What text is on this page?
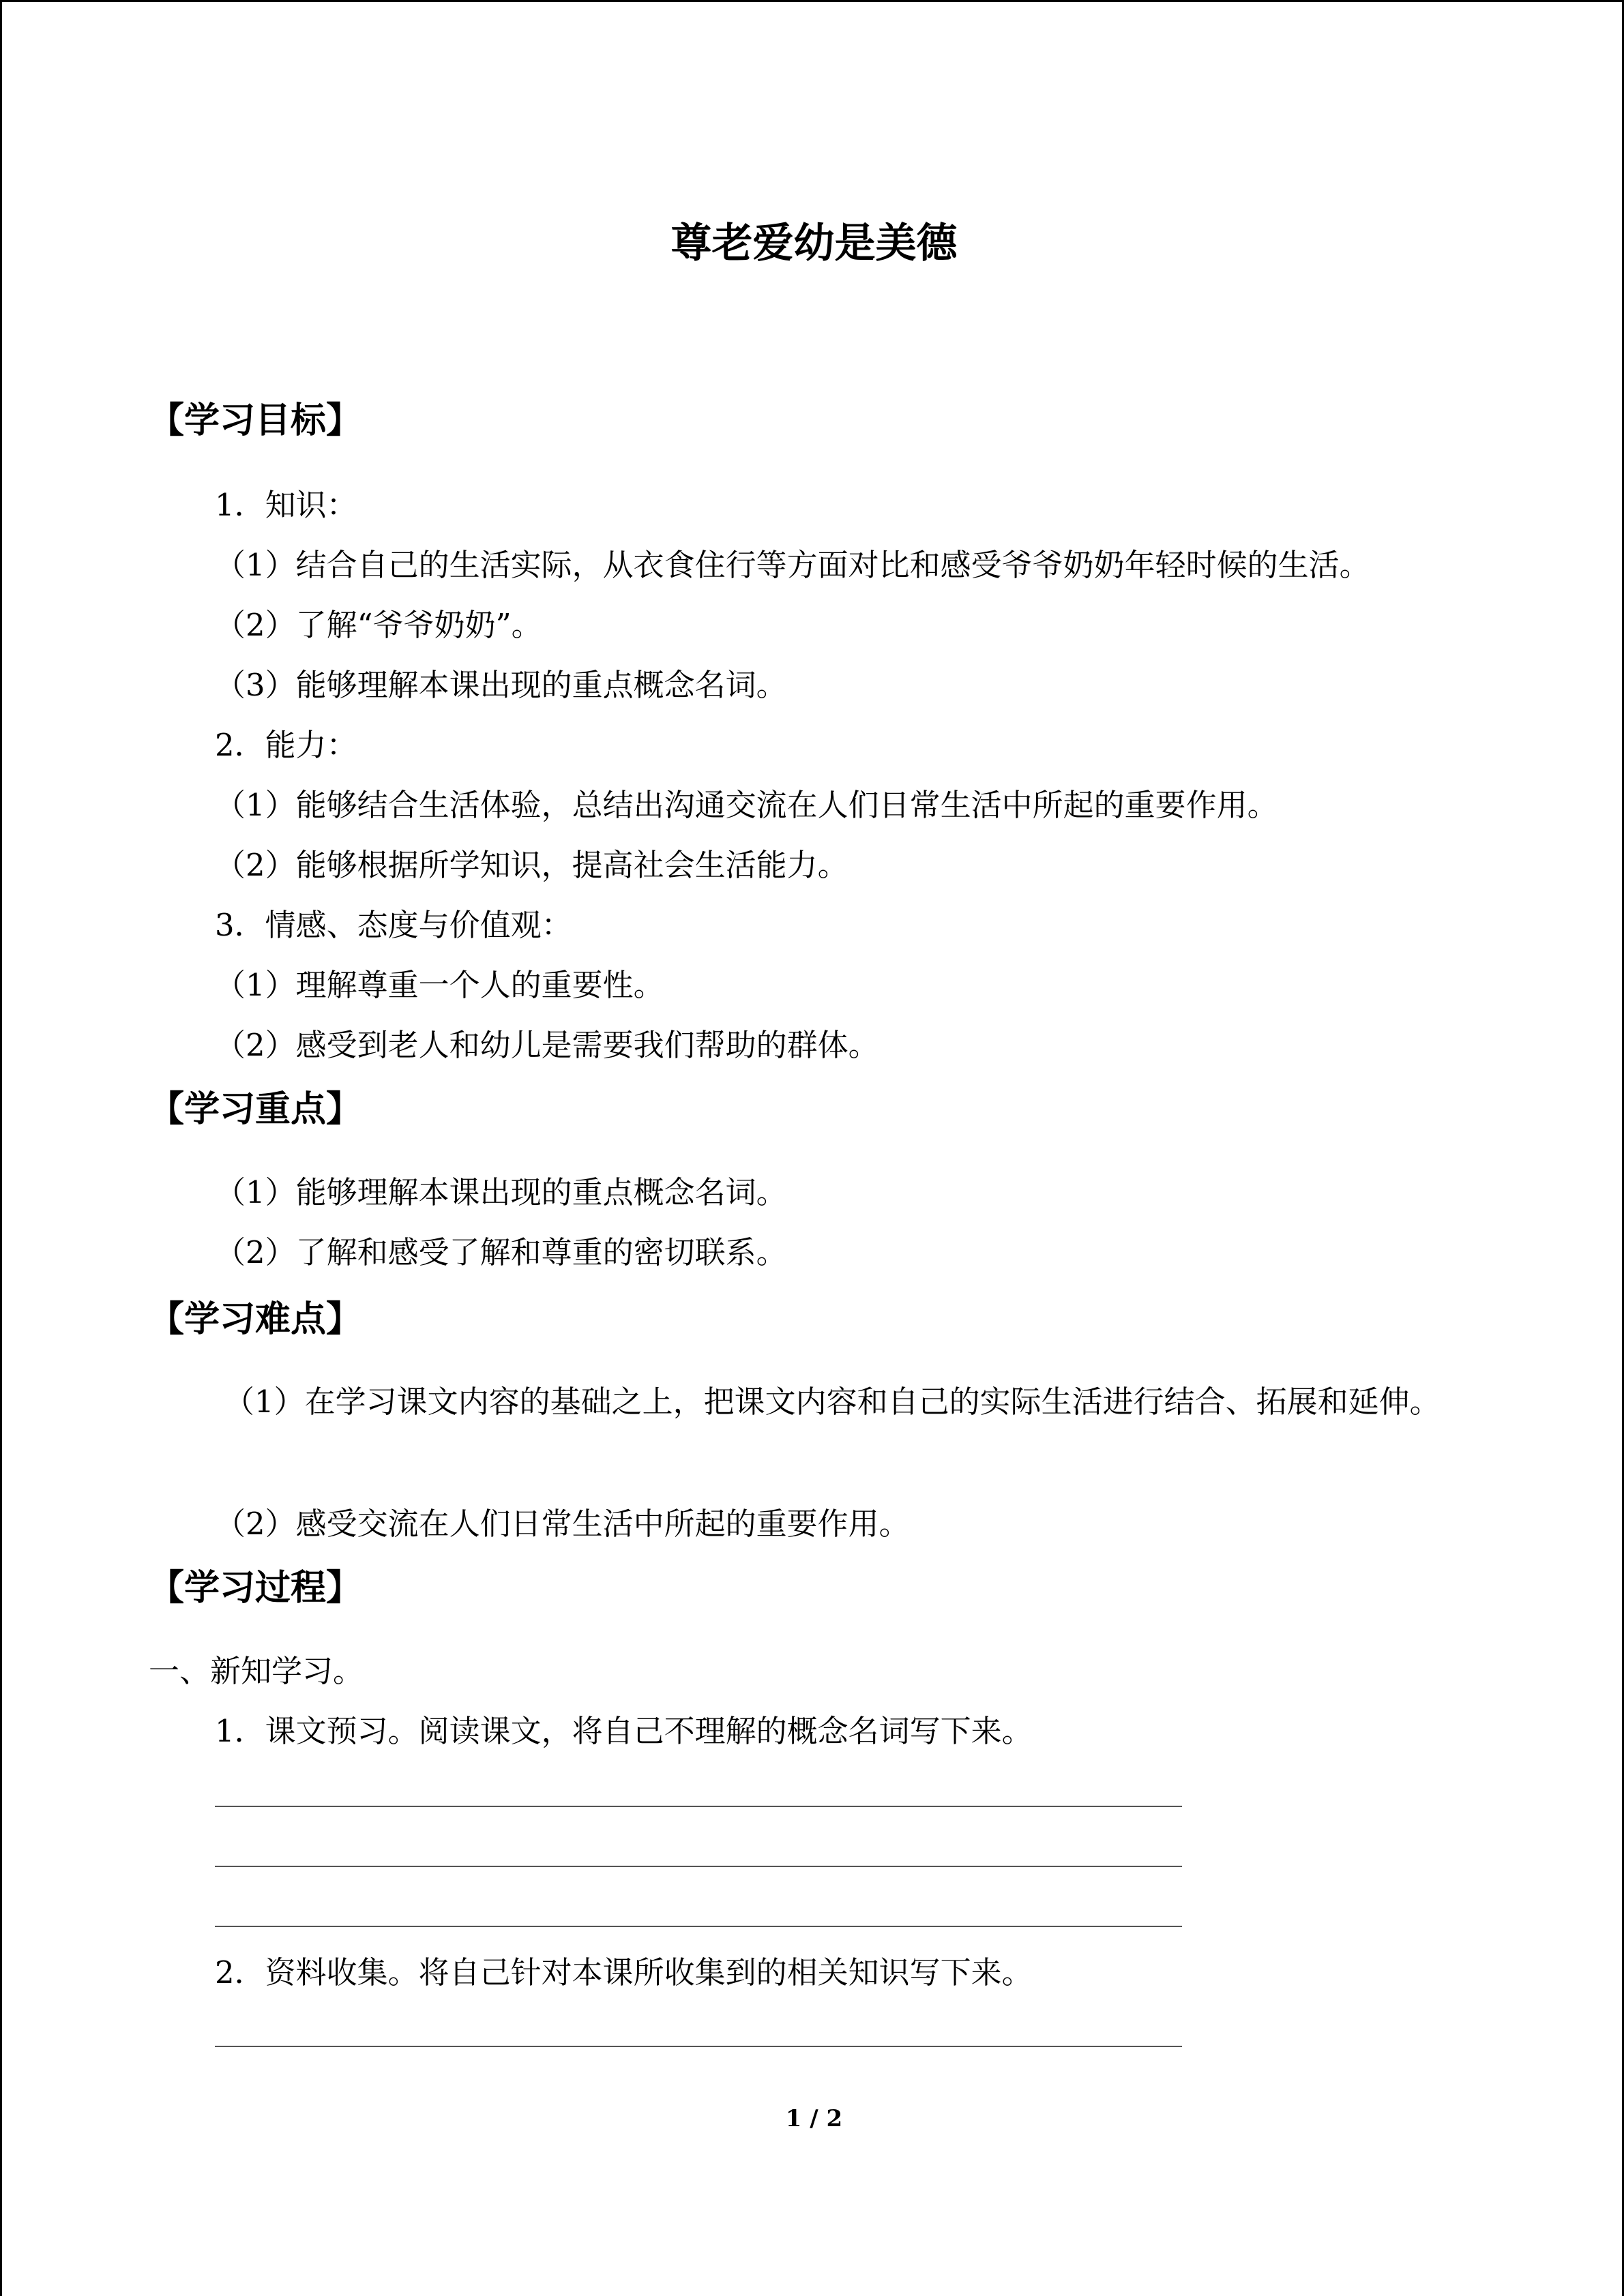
尊老爱幼是美德
【学习目标】
1．知识：
（1）结合自己的生活实际，从衣食住行等方面对比和感受爷爷奶奶年轻时候的生活。
（2）了解“爷爷奶奶”。
（3）能够理解本课出现的重点概念名词。
2．能力：
（1）能够结合生活体验，总结出沟通交流在人们日常生活中所起的重要作用。
（2）能够根据所学知识，提高社会生活能力。
3．情感、态度与价值观：
（1）理解尊重一个人的重要性。
（2）感受到老人和幼儿是需要我们帮助的群体。
【学习重点】
（1）能够理解本课出现的重点概念名词。
（2）了解和感受了解和尊重的密切联系。
【学习难点】
（1）在学习课文内容的基础之上，把课文内容和自己的实际生活进行结合、拓展和延伸。
（2）感受交流在人们日常生活中所起的重要作用。
【学习过程】
一、新知学习。
1．课文预习。阅读课文，将自己不理解的概念名词写下来。
2．资料收集。将自己针对本课所收集到的相关知识写下来。
1 / 2
